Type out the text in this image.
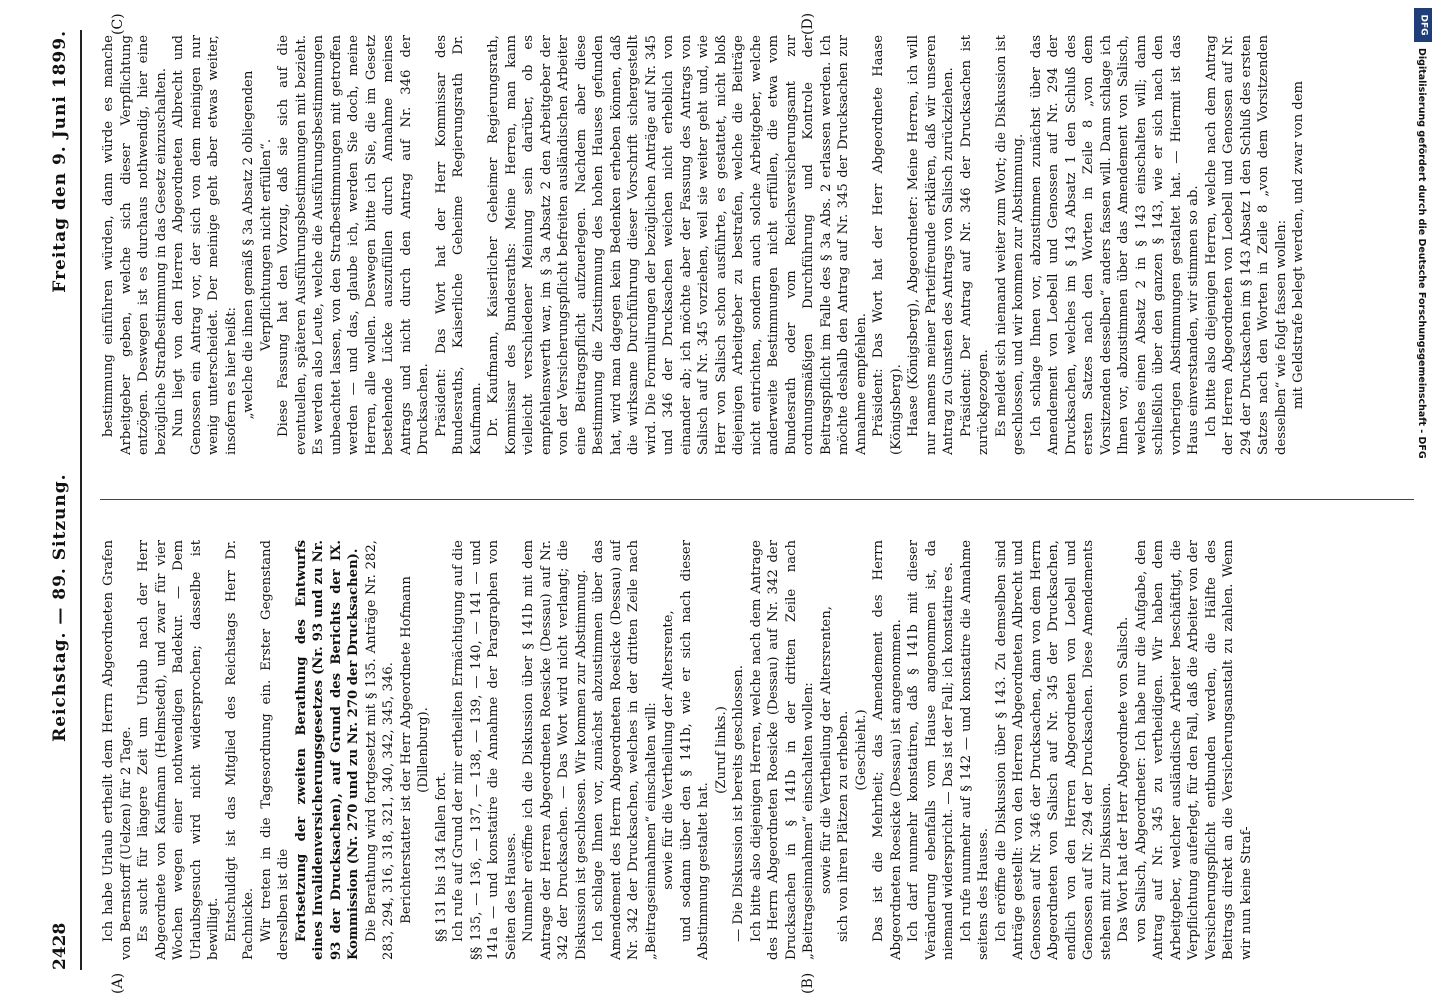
2428
Reichstag. — 89. Sitzung.
Freitag den 9. Juni 1899.
(A)	(B)
(C)	(D)

Ich habe Urlaub ertheilt dem Herrn Abgeordneten Grafen von Bernstorff (Uelzen) für 2 Tage. Es sucht für längere Zeit um Urlaub nach der Herr Abgeordnete von Kaufmann (Helmstedt), und zwar für vier Wochen wegen einer nothwendigen Badekur. — Dem Urlaubsgesuch wird nicht widersprochen; dasselbe ist bewilligt. Entschuldigt ist das Mitglied des Reichstags Herr Dr. Pachnicke. Wir treten in die Tagesordnung ein. Erster Gegenstand derselben ist die Fortsetzung der zweiten Berathung des Entwurfs eines Invalidenversicherungsgesetzes (Nr. 93 und zu Nr. 93 der Drucksachen), auf Grund des Berichts der IX. Kommission (Nr. 270 und zu Nr. 270 der Drucksachen). Die Berathung wird fortgesetzt mit § 135. Anträge Nr. 282, 283, 294, 316, 318, 321, 340, 342, 345, 346. Berichterstatter ist der Herr Abgeordnete Hofmann (Dillenburg).

§§ 131 bis 134 fallen fort. Ich rufe auf Grund der mir ertheilten Ermächtigung auf die §§ 135, — 136, — 137, — 138, — 139, — 140, — 141 — und 141a — und konstatire die Annahme der Paragraphen von Seiten des Hauses. Nunmehr eröffne ich die Diskussion über § 141b mit dem Antrage der Herren Abgeordneten Roesicke (Dessau) auf Nr. 342 der Drucksachen. — Das Wort wird nicht verlangt; die Diskussion ist geschlossen. Wir kommen zur Abstimmung. Ich schlage Ihnen vor, zunächst abzustimmen über das Amendement des Herrn Abgeordneten Roesicke (Dessau) auf Nr. 342 der Drucksachen, welches in der dritten Zeile nach „Beitragseinnahmen“ einschalten will: sowie für die Vertheilung der Altersrente, und sodann über den § 141b, wie er sich nach dieser Abstimmung gestaltet hat.

(Zuruf links.) — Die Diskussion ist bereits geschlossen. Ich bitte also diejenigen Herren, welche nach dem Antrage des Herrn Abgeordneten Roesicke (Dessau) auf Nr. 342 der Drucksachen in § 141b in der dritten Zeile nach „Beitragseinnahmen“ einschalten wollen: sowie für die Vertheilung der Altersrenten, sich von ihren Plätzen zu erheben. (Geschieht.) Das ist die Mehrheit; das Amendement des Herrn Abgeordneten Roesicke (Dessau) ist angenommen. Ich darf nunmehr konstatiren, daß § 141b mit dieser Veränderung ebenfalls vom Hause angenommen ist, da niemand widerspricht. — Das ist der Fall; ich konstatire es. Ich rufe nunmehr auf § 142 — und konstatire die Annahme seitens des Hauses. Ich eröffne die Diskussion über § 143. Zu demselben sind Anträge gestellt: von den Herren Abgeordneten Albrecht und Genossen auf Nr. 346 der Drucksachen, dann von dem Herrn Abgeordneten von Salisch auf Nr. 345 der Drucksachen, endlich von den Herren Abgeordneten von Loebell und Genossen auf Nr. 294 der Drucksachen. Diese Amendements stehen mit zur Diskussion. Das Wort hat der Herr Abgeordnete von Salisch. von Salisch, Abgeordneter: Ich habe nur die Aufgabe, den Antrag auf Nr. 345 zu vertheidigen. Wir haben dem Arbeitgeber, welcher ausländische Arbeiter beschäftigt, die Verpflichtung auferlegt, für den Fall, daß die Arbeiter von der Versicherungspflicht entbunden werden, die Hälfte des Beitrags direkt an die Versicherungsanstalt zu zahlen. Wenn wir nun keine Straf-

bestimmung einführen würden, dann würde es manche Arbeitgeber geben, welche sich dieser Verpflichtung entzögen. Deswegen ist es durchaus nothwendig, hier eine bezügliche Strafbestimmung in das Gesetz einzuschalten. Nun liegt von den Herren Abgeordneten Albrecht und Genossen ein Antrag vor, der sich von dem meinigen nur wenig unterscheidet. Der meinige geht aber etwas weiter, insofern es hier heißt: „welche die ihnen gemäß § 3a Absatz 2 obliegenden Verpflichtungen nicht erfüllen“. Diese Fassung hat den Vorzug, daß sie sich auf die eventuellen, späteren Ausführungsbestimmungen mit bezieht. Es werden also Leute, welche die Ausführungsbestimmungen unbeachtet lassen, von den Strafbestimmungen mit getroffen werden — und das, glaube ich, werden Sie doch, meine Herren, alle wollen. Deswegen bitte ich Sie, die im Gesetz bestehende Lücke auszufüllen durch Annahme meines Antrags und nicht durch den Antrag auf Nr. 346 der Drucksachen. Präsident: Das Wort hat der Herr Kommissar des Bundesraths, Kaiserliche Geheime Regierungsrath Dr. Kaufmann. Dr. Kaufmann, Kaiserlicher Geheimer Regierungsrath, Kommissar des Bundesraths: Meine Herren, man kann vielleicht verschiedener Meinung sein darüber, ob es empfehlenswerth war, im § 3a Absatz 2 den Arbeitgeber der von der Versicherungspflicht befreiten ausländischen Arbeiter eine Beitragspflicht aufzuerlegen. Nachdem aber diese Bestimmung die Zustimmung des hohen Hauses gefunden hat, wird man dagegen kein Bedenken erheben können, daß die wirksame Durchführung dieser Vorschrift sichergestellt wird. Die Formulirungen der bezüglichen Anträge auf Nr. 345 und 346 der Drucksachen weichen nicht erheblich von einander ab; ich möchte aber der Fassung des Antrags von Salisch auf Nr. 345 vorziehen, weil sie weiter geht und, wie Herr von Salisch schon ausführte, es gestattet, nicht bloß diejenigen Arbeitgeber zu bestrafen, welche die Beiträge nicht entrichten, sondern auch solche Arbeitgeber, welche anderweite Bestimmungen nicht erfüllen, die etwa vom Bundesrath oder vom Reichsversicherungsamt zur ordnungsmäßigen Durchführung und Kontrole der Beitragspflicht im Falle des § 3a Abs. 2 erlassen werden. Ich möchte deshalb den Antrag auf Nr. 345 der Drucksachen zur Annahme empfehlen. Präsident: Das Wort hat der Herr Abgeordnete Haase (Königsberg). Haase (Königsberg), Abgeordneter: Meine Herren, ich will nur namens meiner Parteifreunde erklären, daß wir unseren Antrag zu Gunsten des Antrags von Salisch zurückziehen. Präsident: Der Antrag auf Nr. 346 der Drucksachen ist zurückgezogen. Es meldet sich niemand weiter zum Wort; die Diskussion ist geschlossen, und wir kommen zur Abstimmung. Ich schlage Ihnen vor, abzustimmen zunächst über das Amendement von Loebell und Genossen auf Nr. 294 der Drucksachen, welches im § 143 Absatz 1 den Schluß des ersten Satzes nach den Worten in Zeile 8 „von dem Vorsitzenden desselben“ anders fassen will. Dann schlage ich Ihnen vor, abzustimmen über das Amendement von Salisch, welches einen Absatz 2 in § 143 einschalten will; dann schließlich über den ganzen § 143, wie er sich nach den vorherigen Abstimmungen gestaltet hat. — Hiermit ist das Haus einverstanden, wir stimmen so ab. Ich bitte also diejenigen Herren, welche nach dem Antrag der Herren Abgeordneten von Loebell und Genossen auf Nr. 294 der Drucksachen im § 143 Absatz 1 den Schluß des ersten Satzes nach den Worten in Zeile 8 „von dem Vorsitzenden desselben“ wie folgt fassen wollen: mit Geldstrafe belegt werden, und zwar von dem

DFG
Digitalisierung gefördert durch die Deutsche Forschungsgemeinschaft - DFG
